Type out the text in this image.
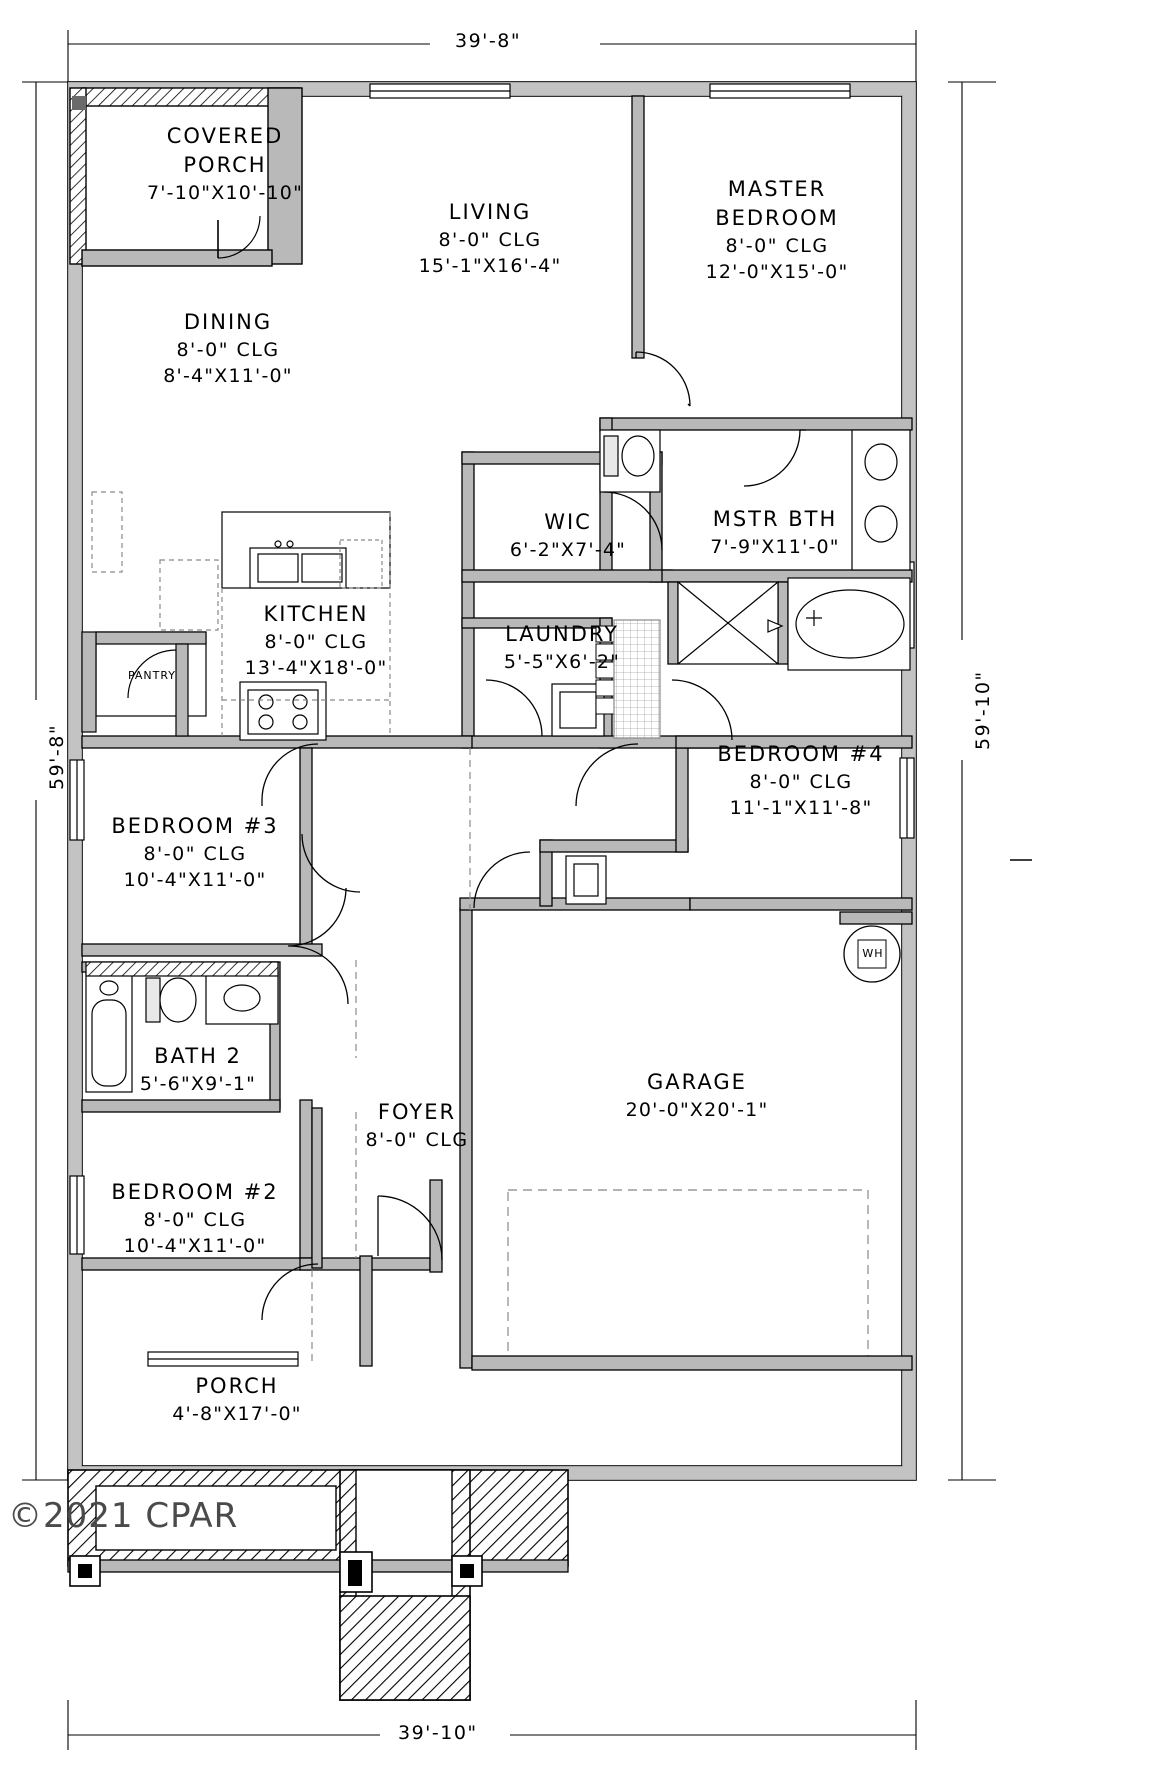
COVERED
PORCH
7'-10"X10'-10"
LIVING
8'-0" CLG
15'-1"X16'-4"
MASTER
BEDROOM
8'-0" CLG
12'-0"X15'-0"
DINING
8'-0" CLG
8'-4"X11'-0"
WIC
6'-2"X7'-4"
MSTR BTH
7'-9"X11'-0"
KITCHEN
8'-0" CLG
13'-4"X18'-0"
PANTRY
LAUNDRY
5'-5"X6'-2"
BEDROOM #4
8'-0" CLG
11'-1"X11'-8"
BEDROOM #3
8'-0" CLG
10'-4"X11'-0"
BATH 2
5'-6"X9'-1"
FOYER
8'-0" CLG
BEDROOM #2
8'-0" CLG
10'-4"X11'-0"
GARAGE
20'-0"X20'-1"
PORCH
4'-8"X17'-0"
WH
39'-8"
39'-10"
59'-8"
59'-10"
©2021 CPAR
